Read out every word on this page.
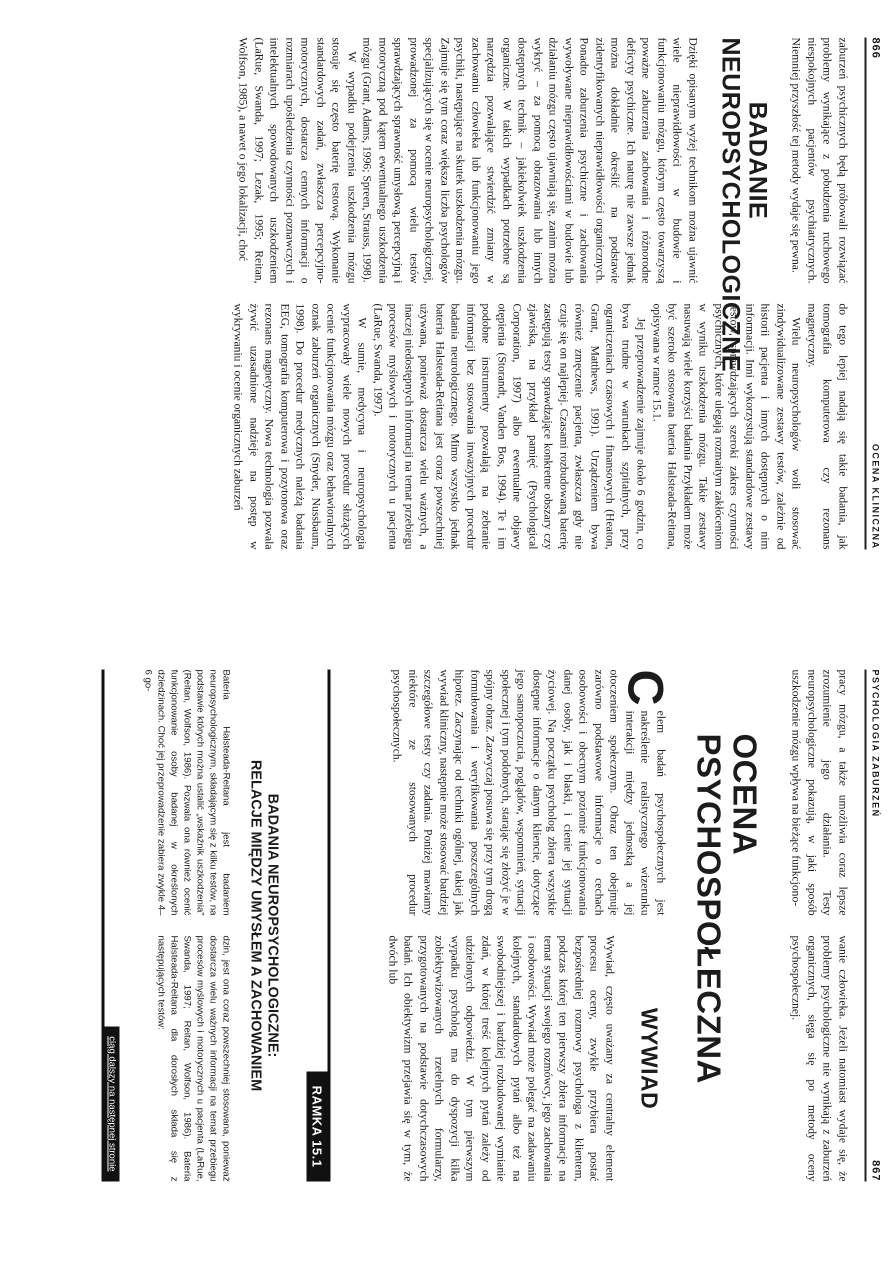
866
OCENA KLINICZNA

zaburzeń psychicznych będą próbowali rozwiązać problemy wynikające z pobudzenia ruchowego niespokojnych pacjentów psychiatrycznych. Niemniej przyszłość tej metody wydaje się pewna.

BADANIE
NEUROPSYCHOLOGICZNE

Dzięki opisanym wyżej technikom można ujawnić wiele nieprawidłowości w budowie i funkcjonowaniu mózgu, którym często towarzyszą poważne zaburzenia zachowania i różnorodne deficyty psychiczne. Ich naturę nie zawsze jednak można dokładnie określić na podstawie zidentyfikowanych nieprawidłowości organicznych. Ponadto zaburzenia psychiczne i zachowania wywoływane nieprawidłowościami w budowie lub działaniu mózgu często ujawniają się, zanim można wykryć – za pomocą obrazowania lub innych dostępnych technik – jakiekolwiek uszkodzenia organiczne. W takich wypadkach potrzebne są narzędzia pozwalające stwierdzić zmiany w zachowaniu człowieka lub funkcjonowaniu jego psychiki, następujące na skutek uszkodzenia mózgu. Zajmuje się tym coraz większa liczba psychologów specjalizujących się w ocenie neuropsychologicznej, prowadzonej za pomocą wielu testów sprawdzających sprawność umysłową, percepcyjną i motoryczną pod kątem ewentualnego uszkodzenia mózgu (Grant, Adams, 1996; Spreen, Strauss, 1998).

W wypadku podejrzenia uszkodzenia mózgu stosuje się często baterię testową. Wykonanie standardowych zadań, zwłaszcza percepcyjno-motorycznych, dostarcza cennych informacji o rozmiarach upośledzenia czynności poznawczych i intelektualnych spowodowanych uszkodzeniem (LaRue, Swanda, 1997; Lezak, 1995; Reitan, Wolfson, 1985), a nawet o jego lokalizacji, choć

do tego lepiej nadają się takie badania, jak tomografia komputerowa czy rezonans magnetyczny.

Wielu neuropsychologów woli stosować zindywidualizowane zestawy testów, zależnie od historii pacjenta i innych dostępnych o nim informacji. Inni wykorzystują standardowe zestawy testów, sprawdzających szeroki zakres czynności psychicznych, które ulegają rozmaitym zakłóceniom w wyniku uszkodzenia mózgu. Takie zestawy nasuwają wiele korzyści badania Przykładem może być szeroko stosowana bateria Halsteada-Reitana, opisywana w ramce 15.1.

Jej przeprowadzenie zajmuje około 6 godzin, co bywa trudne w warunkach szpitalnych, przy ograniczeniach czasowych i finansowych (Heaton, Grant, Matthews, 1991). Urządzeniem bywa również zmęczenie pacjenta, zwłaszcza gdy nie czuje się on najlepiej. Czasami rozbudowaną baterię zastępują testy sprawdzające konkretne obszary czy zjawiska, na przykład pamięć (Psychological Corporation, 1997) albo ewentualne objawy otępienia (Storandt, Vanden Bos, 1994). Te i im podobne instrumenty pozwalają na zebranie informacji bez stosowania inwazyjnych procedur badania neurologicznego. Mimo wszystko jednak bateria Halsteada-Reitana jest coraz powszechniej używana, ponieważ dostarcza wielu ważnych, a inaczej niedostępnych informacji na temat przebiegu procesów myślowych i motorycznych u pacjenta (LaRue, Swanda, 1997).

W sumie, medycyna i neuropsychologia wypracowały wiele nowych procedur służących ocenie funkcjonowania mózgu oraz behawioralnych oznak zaburzeń organicznych (Snyder, Nussbaum, 1998). Do procedur medycznych należą badania EEG, tomografia komputerowa i pozytonowa oraz rezonans magnetyczny. Nowa technologia pozwala żywić uzasadnione nadzieje na postęp w wykrywaniu i ocenie organicznych zaburzeń

PSYCHOLOGIA ZABURZEŃ
867

pracy mózgu, a także umożliwia coraz lepsze zrozumienie jego działania. Testy neuropsychologiczne pokazują, w jaki sposób uszkodzenie mózgu wpływa na bieżące funkcjono-

wanie człowieka. Jeżeli natomiast wydaje się, że problemy psychologiczne nie wynikają z zaburzeń organicznych, sięga się po metody oceny psychospołecznej.

OCENA PSYCHOSPOŁECZNA
C

elem badań psychospołecznych jest nakreślenie realistycznego wizerunku interakcji między jednostką a jej otoczeniem społecznym. Obraz ten obejmuje zarówno podstawowe informacje o cechach osobowości i obecnym poziomie funkcjonowania danej osoby, jak i blaski, i cienie jej sytuacji życiowej. Na początku psycholog zbiera wszystkie dostępne informacje o danym kliencie, dotyczące jego samopoczucia, poglądów, wspomnień, sytuacji społecznej i tym podobnych, starając się złożyć je w spójny obraz. Zazwyczaj posuwa się przy tym drogą formułowania i weryfikowania poszczególnych hipotez. Zaczynając od techniki ogólnej, takiej jak wywiad kliniczny, następnie może stosować bardziej szczegółowe testy czy zadania. Poniżej mawiamy niektóre ze stosowanych procedur psychospołecznych.

WYWIAD

Wywiad, często uważany za centralny element procesu oceny, zwykle przybiera postać bezpośredniej rozmowy psychologa z klientem, podczas której ten pierwszy zbiera informacje na temat sytuacji swojego rozmówcy, jego zachowania i osobowości. Wywiad może polegać na zadawaniu kolejnych, standardowych pytań albo też na swobodniejszej i bardziej rozbudowanej wymianie zdań, w której treść kolejnych pytań zależy od udzielonych odpowiedzi. W tym pierwszym wypadku psycholog ma do dyspozycji kilka zobiektywizowanych rzetelnych formularzy, przygotowanych na podstawie dotychczasowych badań. Ich obiektywizm przejawia się w tym, że dwóch lub

RAMKA 15.1
BADANIA NEUROPSYCHOLOGICZNE:
RELACJE MIĘDZY UMYSŁEM A ZACHOWANIEM

Bateria Halsteada-Reitana jest badaniem neuropsychologicznym, składającym się z kilku testów, na podstawie których można ustalić „wskaźnik uszkodzenia” (Reitan, Wolfson, 1986). Pozwala ona również ocenić funkcjonowanie osoby badanej w określonych dziedzinach. Choć jej przeprowadzenie zabiera zwykle 4–6 go-

dzin, jest ona coraz powszechniej stosowana, ponieważ dostarcza wielu ważnych informacji na temat przebiegu procesów myślowych i motorycznych u pacjenta (LaRue, Swanda, 1997; Reitan, Wolfson, 1986). Bateria Halsteada-Reitana dla dorosłych składa się z następujących testów:

ciąg dalszy na następnej stronie
